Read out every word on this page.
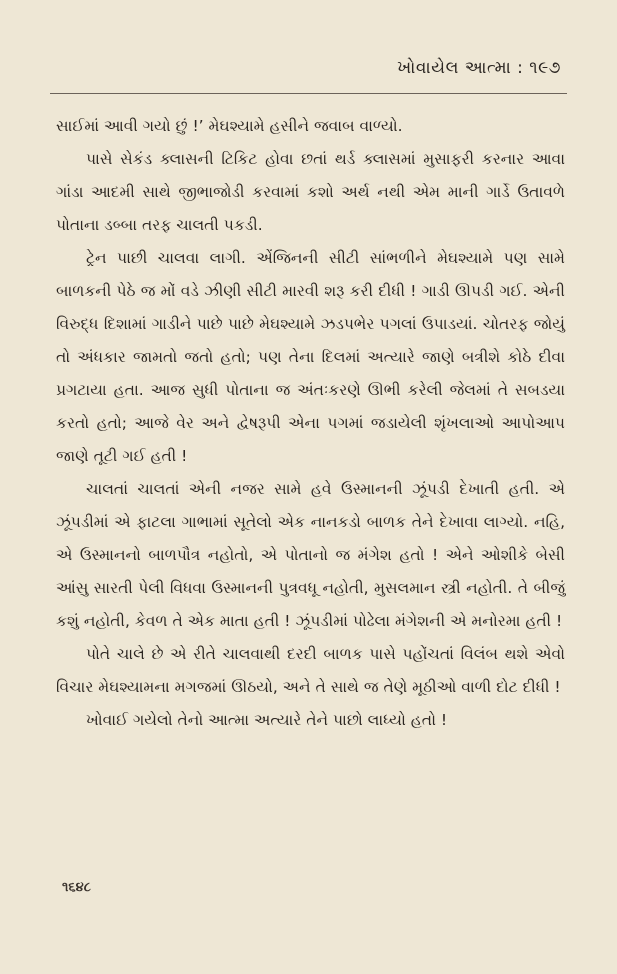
ખોવાયેલ આત્મા : ૧૯૭

સાઈમાં આવી ગયો છું !’ મેઘશ્યામે હસીને જવાબ વાળ્યો.

પાસે સેકંડ ક્લાસની ટિકિટ હોવા છતાં થર્ડ ક્લાસમાં મુસાફરી કરનાર આવા ગાંડા આદમી સાથે જીભાજોડી કરવામાં કશો અર્થ નથી એમ માની ગાર્ડે ઉતાવળે પોતાના ડબ્બા તરફ ચાલતી પકડી.

ટ્રેન પાછી ચાલવા લાગી. એંજિનની સીટી સાંભળીને મેઘશ્યામે પણ સામે બાળકની પેઠે જ મોં વડે ઝીણી સીટી મારવી શરૂ કરી દીધી ! ગાડી ઊપડી ગઈ. એની વિરુદ્ધ દિશામાં ગાડીને પાછે પાછે મેઘશ્યામે ઝડપભેર પગલાં ઉપાડયાં. ચોતરફ જોયું તો અંધકાર જામતો જતો હતો; પણ તેના દિલમાં અત્યારે જાણે બત્રીશે કોઠે દીવા પ્રગટાયા હતા. આજ સુધી પોતાના જ અંતઃકરણે ઊભી કરેલી જેલમાં તે સબડયા કરતો હતો; આજે વેર અને દ્વેષરૂપી એના પગમાં જડાયેલી શૃંખલાઓ આપોઆપ જાણે તૂટી ગઈ હતી !

ચાલતાં ચાલતાં એની નજર સામે હવે ઉસ્માનની ઝૂંપડી દેખાતી હતી. એ ઝૂંપડીમાં એ ફાટલા ગાભામાં સૂતેલો એક નાનકડો બાળક તેને દેખાવા લાગ્યો. નહિ, એ ઉસ્માનનો બાળપૌત્ર નહોતો, એ પોતાનો જ મંગેશ હતો ! એને ઓશીકે બેસી આંસુ સારતી પેલી વિધવા ઉસ્માનની પુત્રવધૂ નહોતી, મુસલમાન સ્ત્રી નહોતી. તે બીજું કશું નહોતી, કેવળ તે એક માતા હતી ! ઝૂંપડીમાં પોઢેલા મંગેશની એ મનોરમા હતી !

પોતે ચાલે છે એ રીતે ચાલવાથી દરદી બાળક પાસે પહોંચતાં વિલંબ થશે એવો વિચાર મેઘશ્યામના મગજમાં ઊઠયો, અને તે સાથે જ તેણે મૂઠીઓ વાળી દોટ દીધી !

ખોવાઈ ગયેલો તેનો આત્મા અત્યારે તેને પાછો લાધ્યો હતો !

૧૬૪૮
